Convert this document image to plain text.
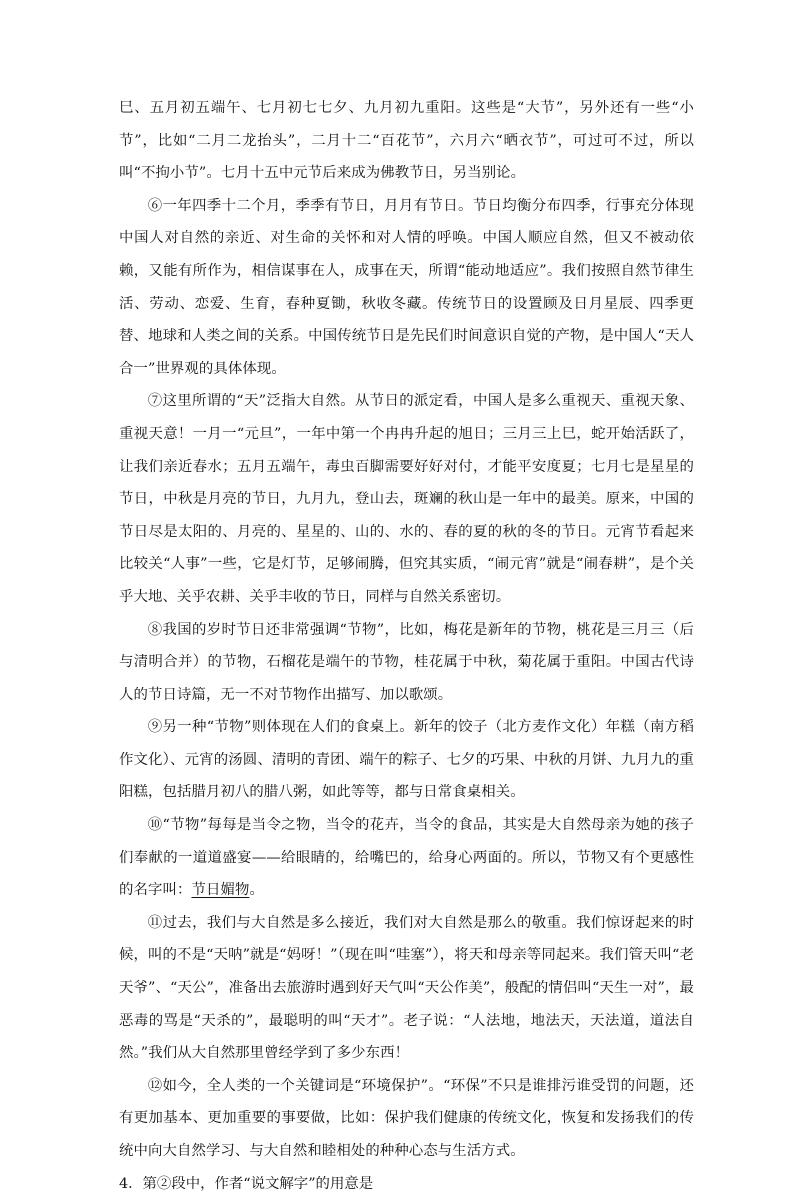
巳、五月初五端午、七月初七七夕、九月初九重阳。这些是“大节”，另外还有一些“小节”，比如“二月二龙抬头”，二月十二“百花节”，六月六“晒衣节”，可过可不过，所以叫“不拘小节”。七月十五中元节后来成为佛教节日，另当别论。

⑥一年四季十二个月，季季有节日，月月有节日。节日均衡分布四季，行事充分体现中国人对自然的亲近、对生命的关怀和对人情的呼唤。中国人顺应自然，但又不被动依赖，又能有所作为，相信谋事在人，成事在天，所谓“能动地适应”。我们按照自然节律生活、劳动、恋爱、生育，春种夏锄，秋收冬藏。传统节日的设置顾及日月星辰、四季更替、地球和人类之间的关系。中国传统节日是先民们时间意识自觉的产物，是中国人“天人合一”世界观的具体体现。

⑦这里所谓的“天”泛指大自然。从节日的派定看，中国人是多么重视天、重视天象、重视天意！一月一“元旦”，一年中第一个冉冉升起的旭日；三月三上巳，蛇开始活跃了，让我们亲近春水；五月五端午，毒虫百脚需要好好对付，才能平安度夏；七月七是星星的节日，中秋是月亮的节日，九月九，登山去，斑斓的秋山是一年中的最美。原来，中国的节日尽是太阳的、月亮的、星星的、山的、水的、春的夏的秋的冬的节日。元宵节看起来比较关“人事”一些，它是灯节，足够闹腾，但究其实质，“闹元宵”就是“闹春耕”，是个关乎大地、关乎农耕、关乎丰收的节日，同样与自然关系密切。

⑧我国的岁时节日还非常强调“节物”，比如，梅花是新年的节物，桃花是三月三（后与清明合并）的节物，石榴花是端午的节物，桂花属于中秋，菊花属于重阳。中国古代诗人的节日诗篇，无一不对节物作出描写、加以歌颂。

⑨另一种“节物”则体现在人们的食桌上。新年的饺子（北方麦作文化）年糕（南方稻作文化）、元宵的汤圆、清明的青团、端午的粽子、七夕的巧果、中秋的月饼、九月九的重阳糕，包括腊月初八的腊八粥，如此等等，都与日常食桌相关。

⑩“节物”每每是当令之物，当令的花卉，当令的食品，其实是大自然母亲为她的孩子们奉献的一道道盛宴——给眼睛的，给嘴巴的，给身心两面的。所以，节物又有个更感性的名字叫：节日媚物。

⑪过去，我们与大自然是多么接近，我们对大自然是那么的敬重。我们惊讶起来的时候，叫的不是“天呐”就是“妈呀！”（现在叫“哇塞”），将天和母亲等同起来。我们管天叫“老天爷”、“天公”，准备出去旅游时遇到好天气叫“天公作美”，般配的情侣叫“天生一对”，最恶毒的骂是“天杀的”，最聪明的叫“天才”。老子说：“人法地，地法天，天法道，道法自然。”我们从大自然那里曾经学到了多少东西！

⑫如今，全人类的一个关键词是“环境保护”。“环保”不只是谁排污谁受罚的问题，还有更加基本、更加重要的事要做，比如：保护我们健康的传统文化，恢复和发扬我们的传统中向大自然学习、与大自然和睦相处的种种心态与生活方式。

4．第②段中，作者“说文解字”的用意是
